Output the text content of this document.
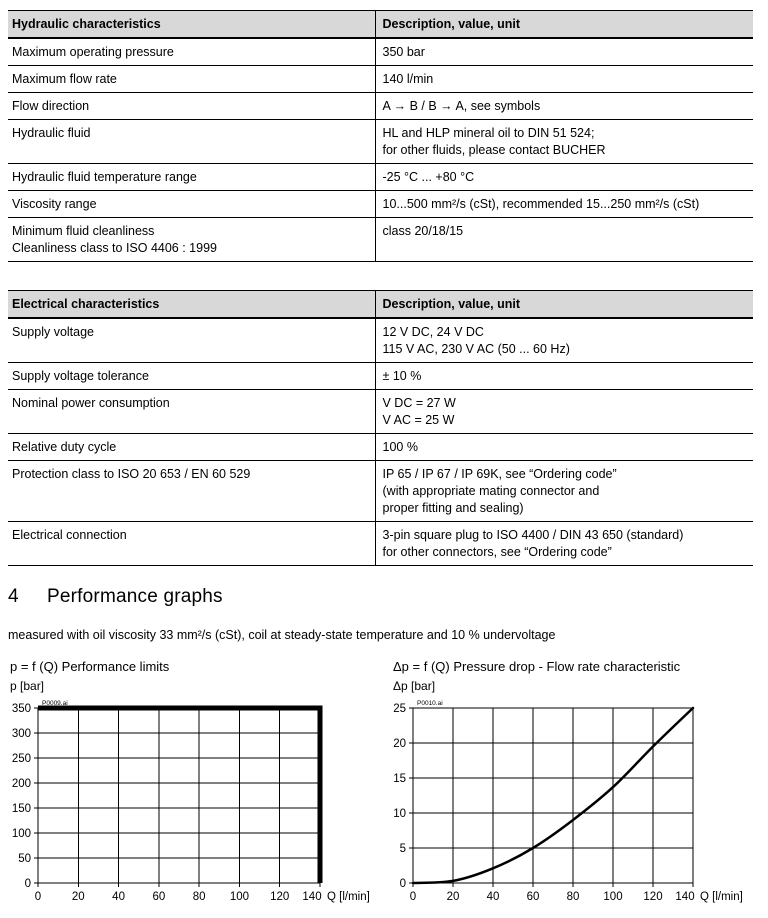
Hydraulic characteristics	Description, value, unit

Maximum operating pressure	350 bar

Maximum flow rate	140 l/min

Flow direction	A → B / B → A, see symbols

Hydraulic fluid	HL and HLP mineral oil to DIN 51 524;
for other fluids, please contact BUCHER

Hydraulic fluid temperature range	-25 °C ... +80 °C

Viscosity range	10...500 mm²/s (cSt), recommended 15...250 mm²/s (cSt)

Minimum fluid cleanliness
Cleanliness class to ISO 4406 : 1999	class 20/18/15
Electrical characteristics	Description, value, unit

Supply voltage	12 V DC, 24 V DC
115 V AC, 230 V AC (50 ... 60 Hz)

Supply voltage tolerance	± 10 %

Nominal power consumption	V DC = 27 W
V AC = 25 W

Relative duty cycle	100 %

Protection class to ISO 20 653 / EN 60 529	IP 65 / IP 67 / IP 69K, see “Ordering code”
(with appropriate mating connector and
proper fitting and sealing)

Electrical connection	3-pin square plug to ISO 4400 / DIN 43 650 (standard)
for other connectors, see “Ordering code”
4 Performance graphs
measured with oil viscosity 33 mm²/s (cSt), coil at steady-state temperature and 10 % undervoltage
p = f (Q) Performance limits
p [bar]
0	20 40 60 80 100 120 140
0
50
100
150
200
250
300
350
Q [l/min]
P0009.ai
Δp = f (Q) Pressure drop - Flow rate characteristic
Δp [bar]
0	20 40 60 80 100 120 140
0
5
10
15
20
25
Q [l/min]
P0010.ai
